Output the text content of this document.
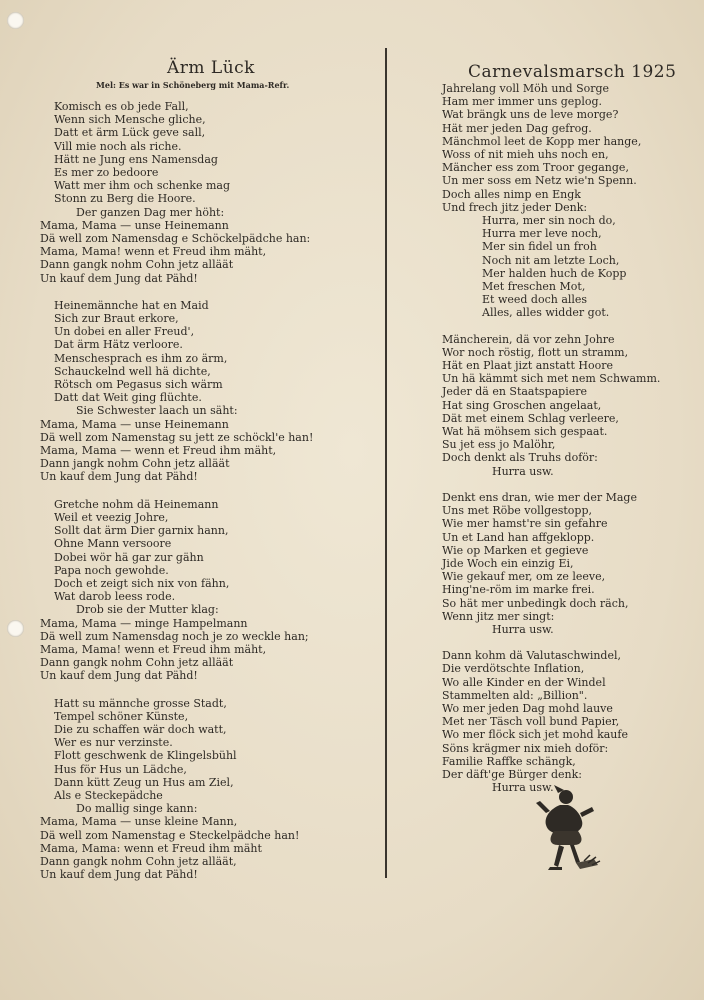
Ärm Lück
Mel: Es war in Schöneberg mit Mama-Refr.
Komisch es ob jede Fall,
Wenn sich Mensche gliche,
Datt et ärm Lück geve sall,
Vill mie noch als riche.
Hätt ne Jung ens Namensdag
Es mer zo bedoore
Watt mer ihm och schenke mag
Stonn zu Berg die Hoore.
Der ganzen Dag mer höht:
Mama, Mama — unse Heinemann
Dä well zom Namensdag e Schöckelpädche han:
Mama, Mama! wenn et Freud ihm mäht,
Dann gangk nohm Cohn jetz alläät
Un kauf dem Jung dat Pähd!
Heinemännche hat en Maid
Sich zur Braut erkore,
Un dobei en aller Freud',
Dat ärm Hätz verloore.
Menschesprach es ihm zo ärm,
Schauckelnd well hä dichte,
Rötsch om Pegasus sich wärm
Datt dat Weit ging flüchte.
Sie Schwester laach un säht:
Mama, Mama — unse Heinemann
Dä well zom Namenstag su jett ze schöckl'e han!
Mama, Mama — wenn et Freud ihm mäht,
Dann jangk nohm Cohn jetz alläät
Un kauf dem Jung dat Pähd!
Gretche nohm dä Heinemann
Weil et veezig Johre,
Sollt dat ärm Dier garnix hann,
Ohne Mann versoore
Dobei wör hä gar zur gähn
Papa noch gewohde.
Doch et zeigt sich nix von fähn,
Wat darob leess rode.
Drob sie der Mutter klag:
Mama, Mama — minge Hampelmann
Dä well zum Namensdag noch je zo weckle han;
Mama, Mama! wenn et Freud ihm mäht,
Dann gangk nohm Cohn jetz alläät
Un kauf dem Jung dat Pähd!
Hatt su männche grosse Stadt,
Tempel schöner Künste,
Die zu schaffen wär doch watt,
Wer es nur verzinste.
Flott geschwenk de Klingelsbühl
Hus för Hus un Lädche,
Dann kütt Zeug un Hus am Ziel,
Als e Steckepädche
Do mallig singe kann:
Mama, Mama — unse kleine Mann,
Dä well zom Namenstag e Steckelpädche han!
Mama, Mama: wenn et Freud ihm mäht
Dann gangk nohm Cohn jetz alläät,
Un kauf dem Jung dat Pähd!
Carnevalsmarsch 1925
Jahrelang voll Möh und Sorge
Ham mer immer uns geplog.
Wat brängk uns de leve morge?
Hät mer jeden Dag gefrog.
Mänchmol leet de Kopp mer hange,
Woss of nit mieh uhs noch en,
Mäncher ess zom Troor gegange,
Un mer soss em Netz wie'n Spenn.
Doch alles nimp en Engk
Und frech jitz jeder Denk:
Hurra, mer sin noch do,
Hurra mer leve noch,
Mer sin fidel un froh
Noch nit am letzte Loch,
Mer halden huch de Kopp
Met freschen Mot,
Et weed doch alles
Alles, alles widder got.
Mäncherein, dä vor zehn Johre
Wor noch röstig, flott un stramm,
Hät en Plaat jizt anstatt Hoore
Un hä kämmt sich met nem Schwamm.
Jeder dä en Staatspapiere
Hat sing Groschen angelaat,
Dät met einem Schlag verleere,
Wat hä möhsem sich gespaat.
Su jet ess jo Malöhr,
Doch denkt als Truhs doför:
Hurra usw.
Denkt ens dran, wie mer der Mage
Uns met Röbe vollgestopp,
Wie mer hamst're sin gefahre
Un et Land han affgeklopp.
Wie op Marken et gegieve
Jide Woch ein einzig Ei,
Wie gekauf mer, om ze leeve,
Hing'ne-röm im marke frei.
So hät mer unbedingk doch räch,
Wenn jitz mer singt:
Hurra usw.
Dann kohm dä Valutaschwindel,
Die verdötschte Inflation,
Wo alle Kinder en der Windel
Stammelten ald: „Billion".
Wo mer jeden Dag mohd lauve
Met ner Täsch voll bund Papier,
Wo mer flöck sich jet mohd kaufe
Söns krägmer nix mieh doför:
Familie Raffke schängk,
Der däft'ge Bürger denk:
Hurra usw.
